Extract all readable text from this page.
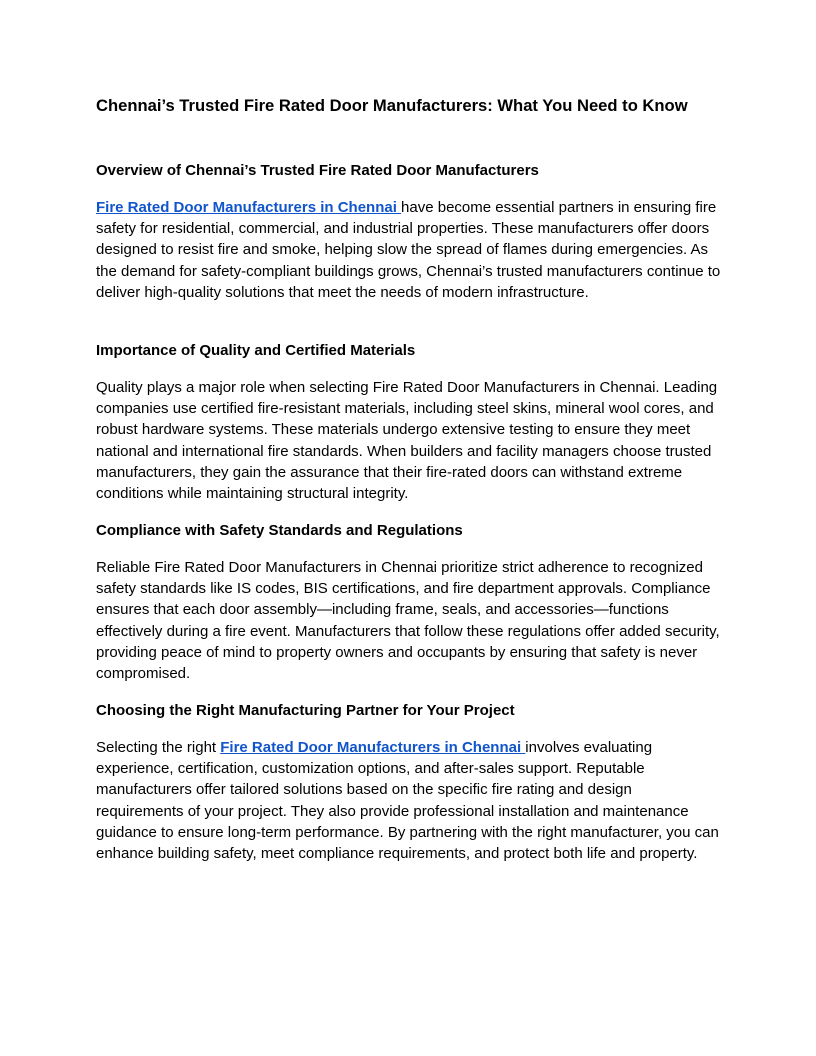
Chennai’s Trusted Fire Rated Door Manufacturers: What You Need to Know
Overview of Chennai’s Trusted Fire Rated Door Manufacturers

Fire Rated Door Manufacturers in Chennai have become essential partners in ensuring fire safety for residential, commercial, and industrial properties. These manufacturers offer doors designed to resist fire and smoke, helping slow the spread of flames during emergencies. As the demand for safety-compliant buildings grows, Chennai’s trusted manufacturers continue to deliver high-quality solutions that meet the needs of modern infrastructure.

Importance of Quality and Certified Materials

Quality plays a major role when selecting Fire Rated Door Manufacturers in Chennai. Leading companies use certified fire-resistant materials, including steel skins, mineral wool cores, and robust hardware systems. These materials undergo extensive testing to ensure they meet national and international fire standards. When builders and facility managers choose trusted manufacturers, they gain the assurance that their fire-rated doors can withstand extreme conditions while maintaining structural integrity.

Compliance with Safety Standards and Regulations

Reliable Fire Rated Door Manufacturers in Chennai prioritize strict adherence to recognized safety standards like IS codes, BIS certifications, and fire department approvals. Compliance ensures that each door assembly—including frame, seals, and accessories—functions effectively during a fire event. Manufacturers that follow these regulations offer added security, providing peace of mind to property owners and occupants by ensuring that safety is never compromised.

Choosing the Right Manufacturing Partner for Your Project

Selecting the right Fire Rated Door Manufacturers in Chennai involves evaluating experience, certification, customization options, and after-sales support. Reputable manufacturers offer tailored solutions based on the specific fire rating and design requirements of your project. They also provide professional installation and maintenance guidance to ensure long-term performance. By partnering with the right manufacturer, you can enhance building safety, meet compliance requirements, and protect both life and property.
